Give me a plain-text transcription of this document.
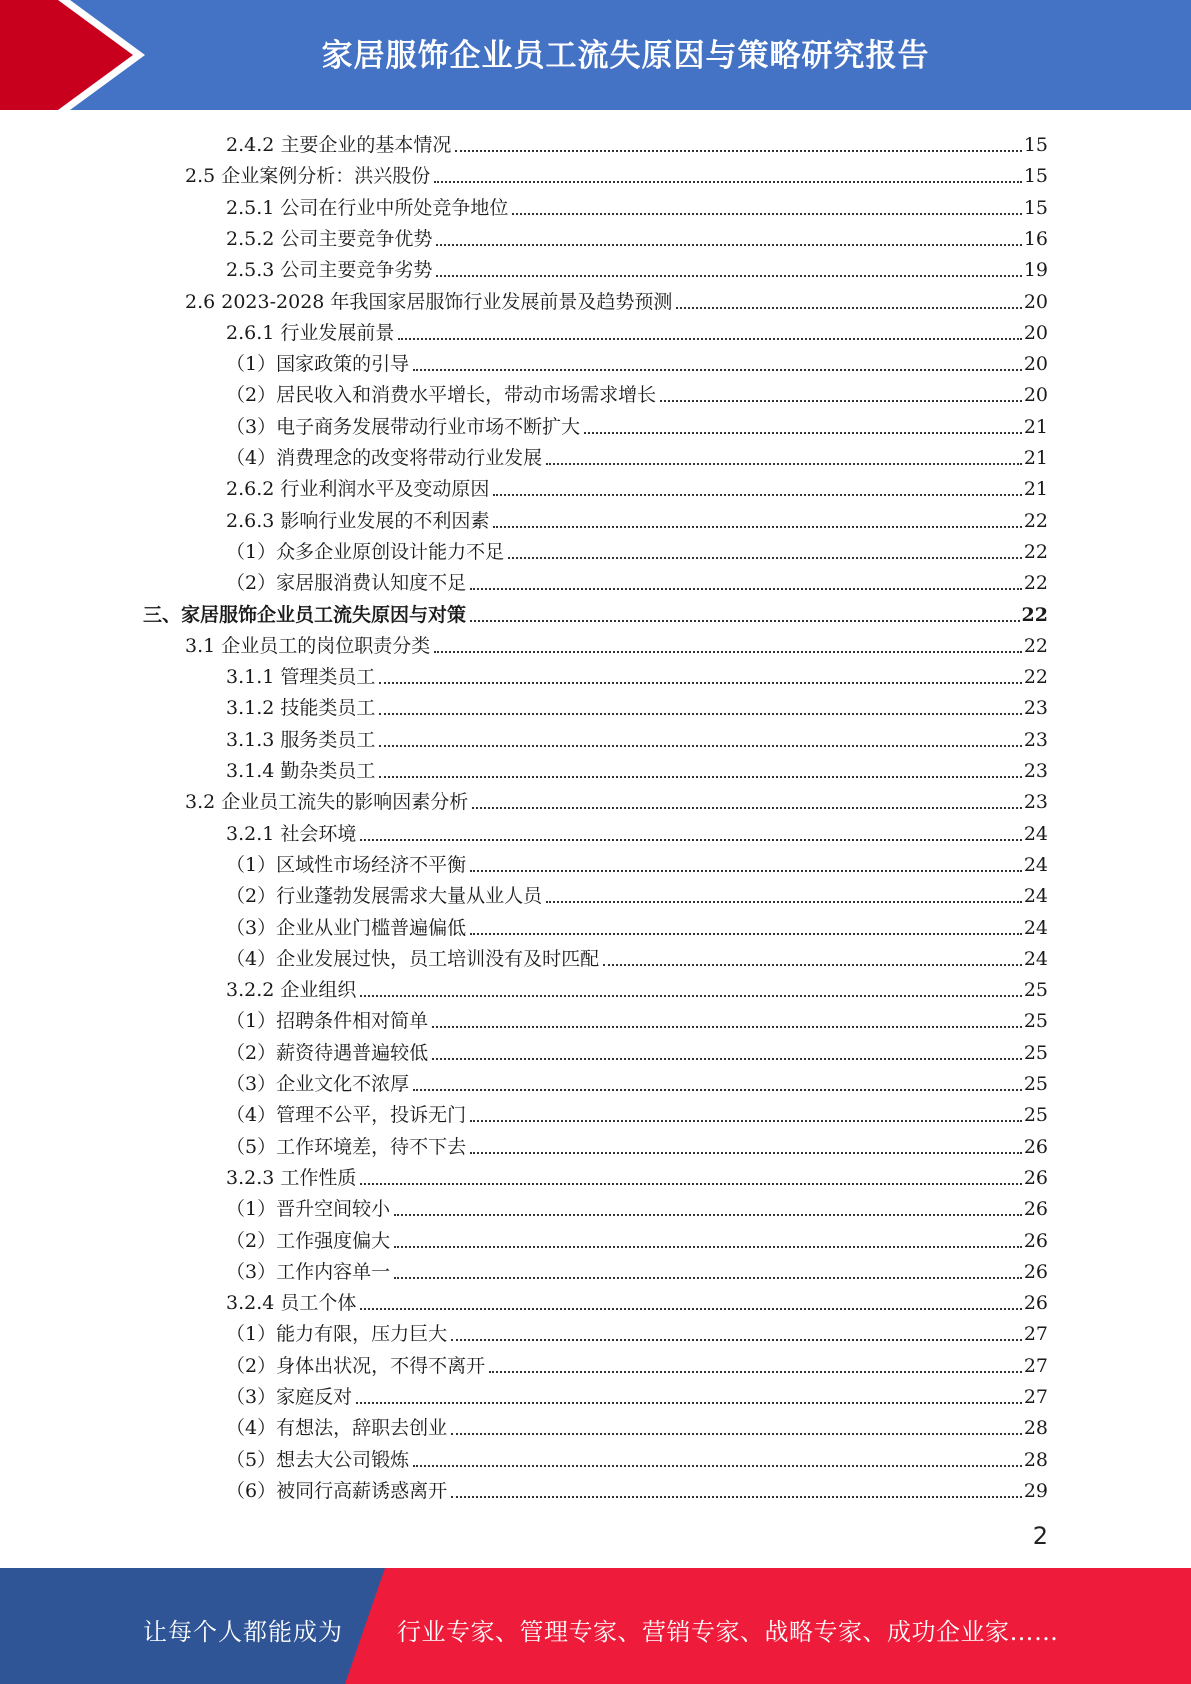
家居服饰企业员工流失原因与策略研究报告
2.4.2 主要企业的基本情况	15
2.5 企业案例分析：洪兴股份	15
2.5.1 公司在行业中所处竞争地位	15
2.5.2 公司主要竞争优势	16
2.5.3 公司主要竞争劣势	19
2.6 2023-2028 年我国家居服饰行业发展前景及趋势预测	20
2.6.1 行业发展前景	20
（1）国家政策的引导	20
（2）居民收入和消费水平增长，带动市场需求增长	20
（3）电子商务发展带动行业市场不断扩大	21
（4）消费理念的改变将带动行业发展	21
2.6.2 行业利润水平及变动原因	21
2.6.3 影响行业发展的不利因素	22
（1）众多企业原创设计能力不足	22
（2）家居服消费认知度不足	22
三、家居服饰企业员工流失原因与对策	22
3.1 企业员工的岗位职责分类	22
3.1.1 管理类员工	22
3.1.2 技能类员工	23
3.1.3 服务类员工	23
3.1.4 勤杂类员工	23
3.2 企业员工流失的影响因素分析	23
3.2.1 社会环境	24
（1）区域性市场经济不平衡	24
（2）行业蓬勃发展需求大量从业人员	24
（3）企业从业门槛普遍偏低	24
（4）企业发展过快，员工培训没有及时匹配	24
3.2.2 企业组织	25
（1）招聘条件相对简单	25
（2）薪资待遇普遍较低	25
（3）企业文化不浓厚	25
（4）管理不公平，投诉无门	25
（5）工作环境差，待不下去	26
3.2.3 工作性质	26
（1）晋升空间较小	26
（2）工作强度偏大	26
（3）工作内容单一	26
3.2.4 员工个体	26
（1）能力有限，压力巨大	27
（2）身体出状况，不得不离开	27
（3）家庭反对	27
（4）有想法，辞职去创业	28
（5）想去大公司锻炼	28
（6）被同行高薪诱惑离开	29
2
让每个人都能成为 行业专家、管理专家、营销专家、战略专家、成功企业家……
